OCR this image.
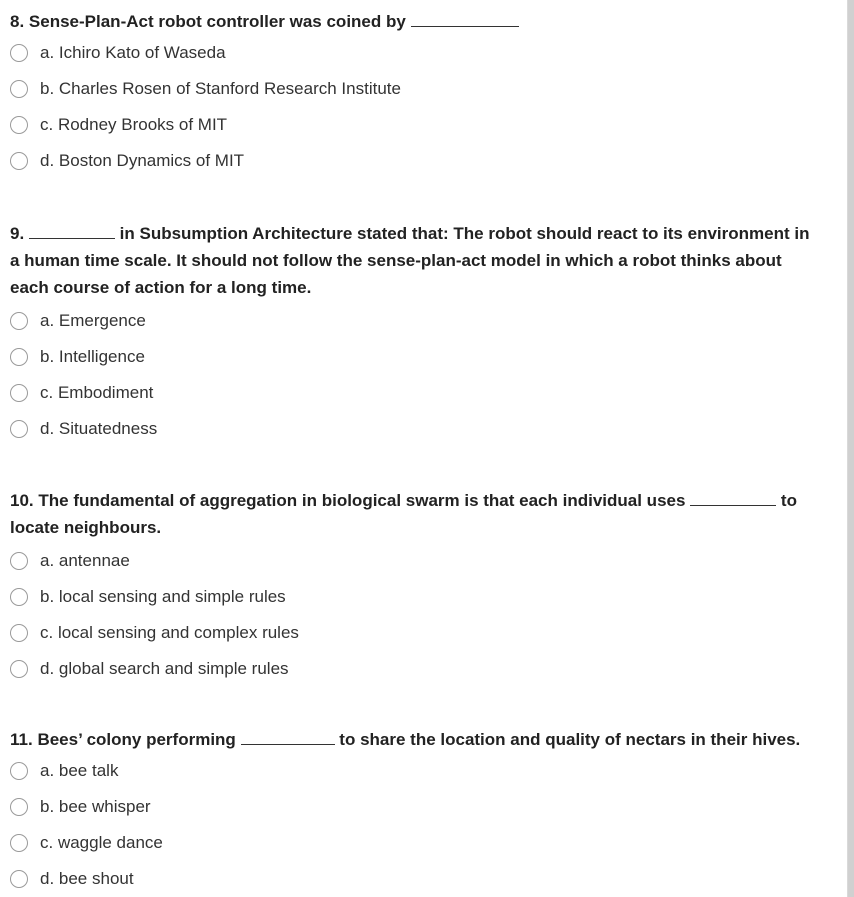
8. Sense-Plan-Act robot controller was coined by

a. Ichiro Kato of Waseda
b. Charles Rosen of Stanford Research Institute
c. Rodney Brooks of MIT
d. Boston Dynamics of MIT

9.	in Subsumption Architecture stated that: The robot should react to its environment in a human time scale. It should not follow the sense-plan-act model in which a robot thinks about each course of action for a long time.

a. Emergence
b. Intelligence
c. Embodiment
d. Situatedness

10. The fundamental of aggregation in biological swarm is that each individual uses	to locate neighbours.

a. antennae
b. local sensing and simple rules
c. local sensing and complex rules
d. global search and simple rules

11. Bees’ colony performing	to share the location and quality of nectars in their hives.

a. bee talk
b. bee whisper
c. waggle dance
d. bee shout
